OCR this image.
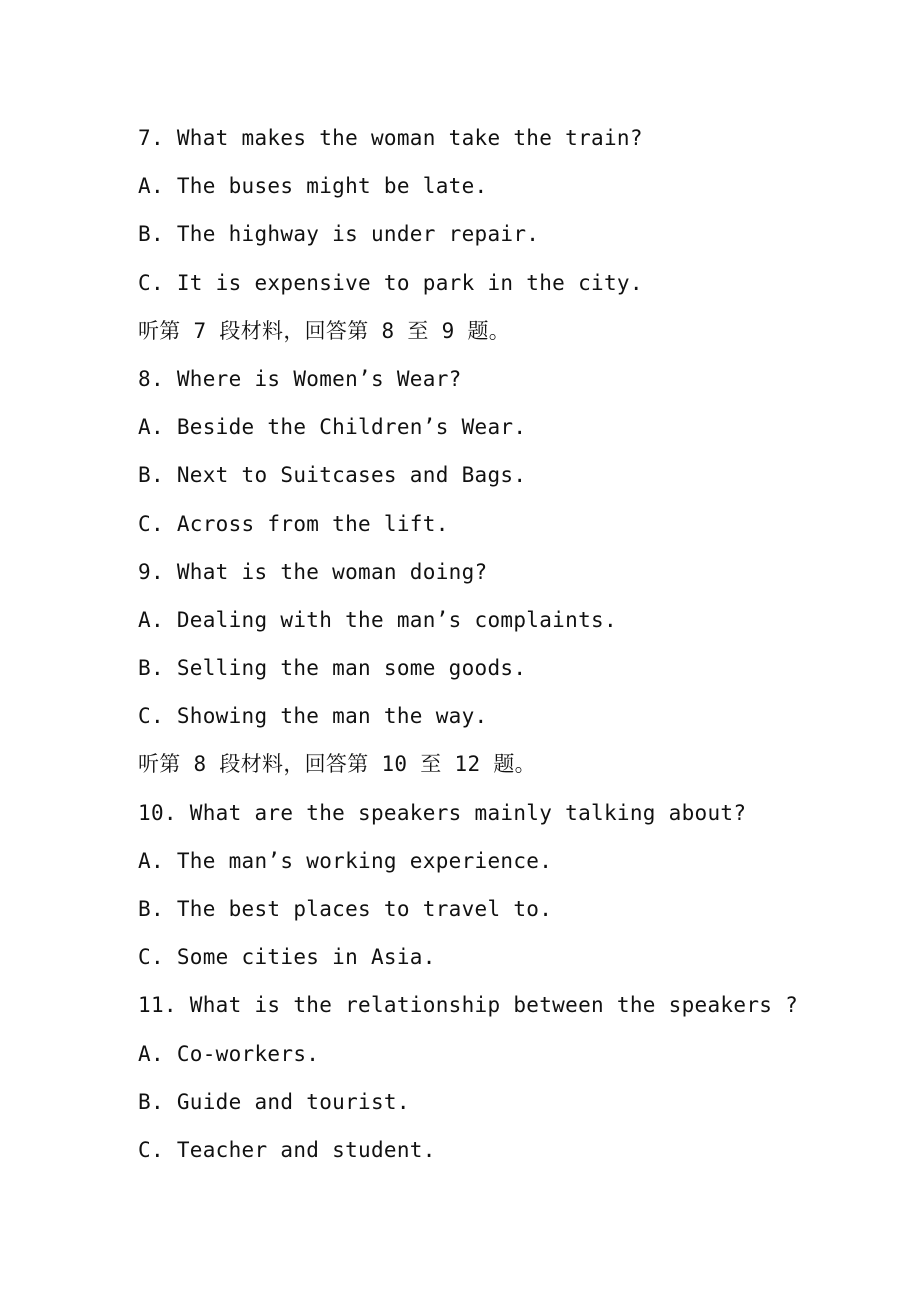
7. What makes the woman take the train?
A. The buses might be late.
B. The highway is under repair.
C. It is expensive to park in the city.
听第 7 段材料，回答第 8 至 9 题。
8. Where is Women’s Wear?
A. Beside the Children’s Wear.
B. Next to Suitcases and Bags.
C. Across from the lift.
9. What is the woman doing?
A. Dealing with the man’s complaints.
B. Selling the man some goods.
C. Showing the man the way.
听第 8 段材料，回答第 10 至 12 题。
10. What are the speakers mainly talking about?
A. The man’s working experience.
B. The best places to travel to.
C. Some cities in Asia.
11. What is the relationship between the speakers ?
A. Co-workers.
B. Guide and tourist.
C. Teacher and student.
